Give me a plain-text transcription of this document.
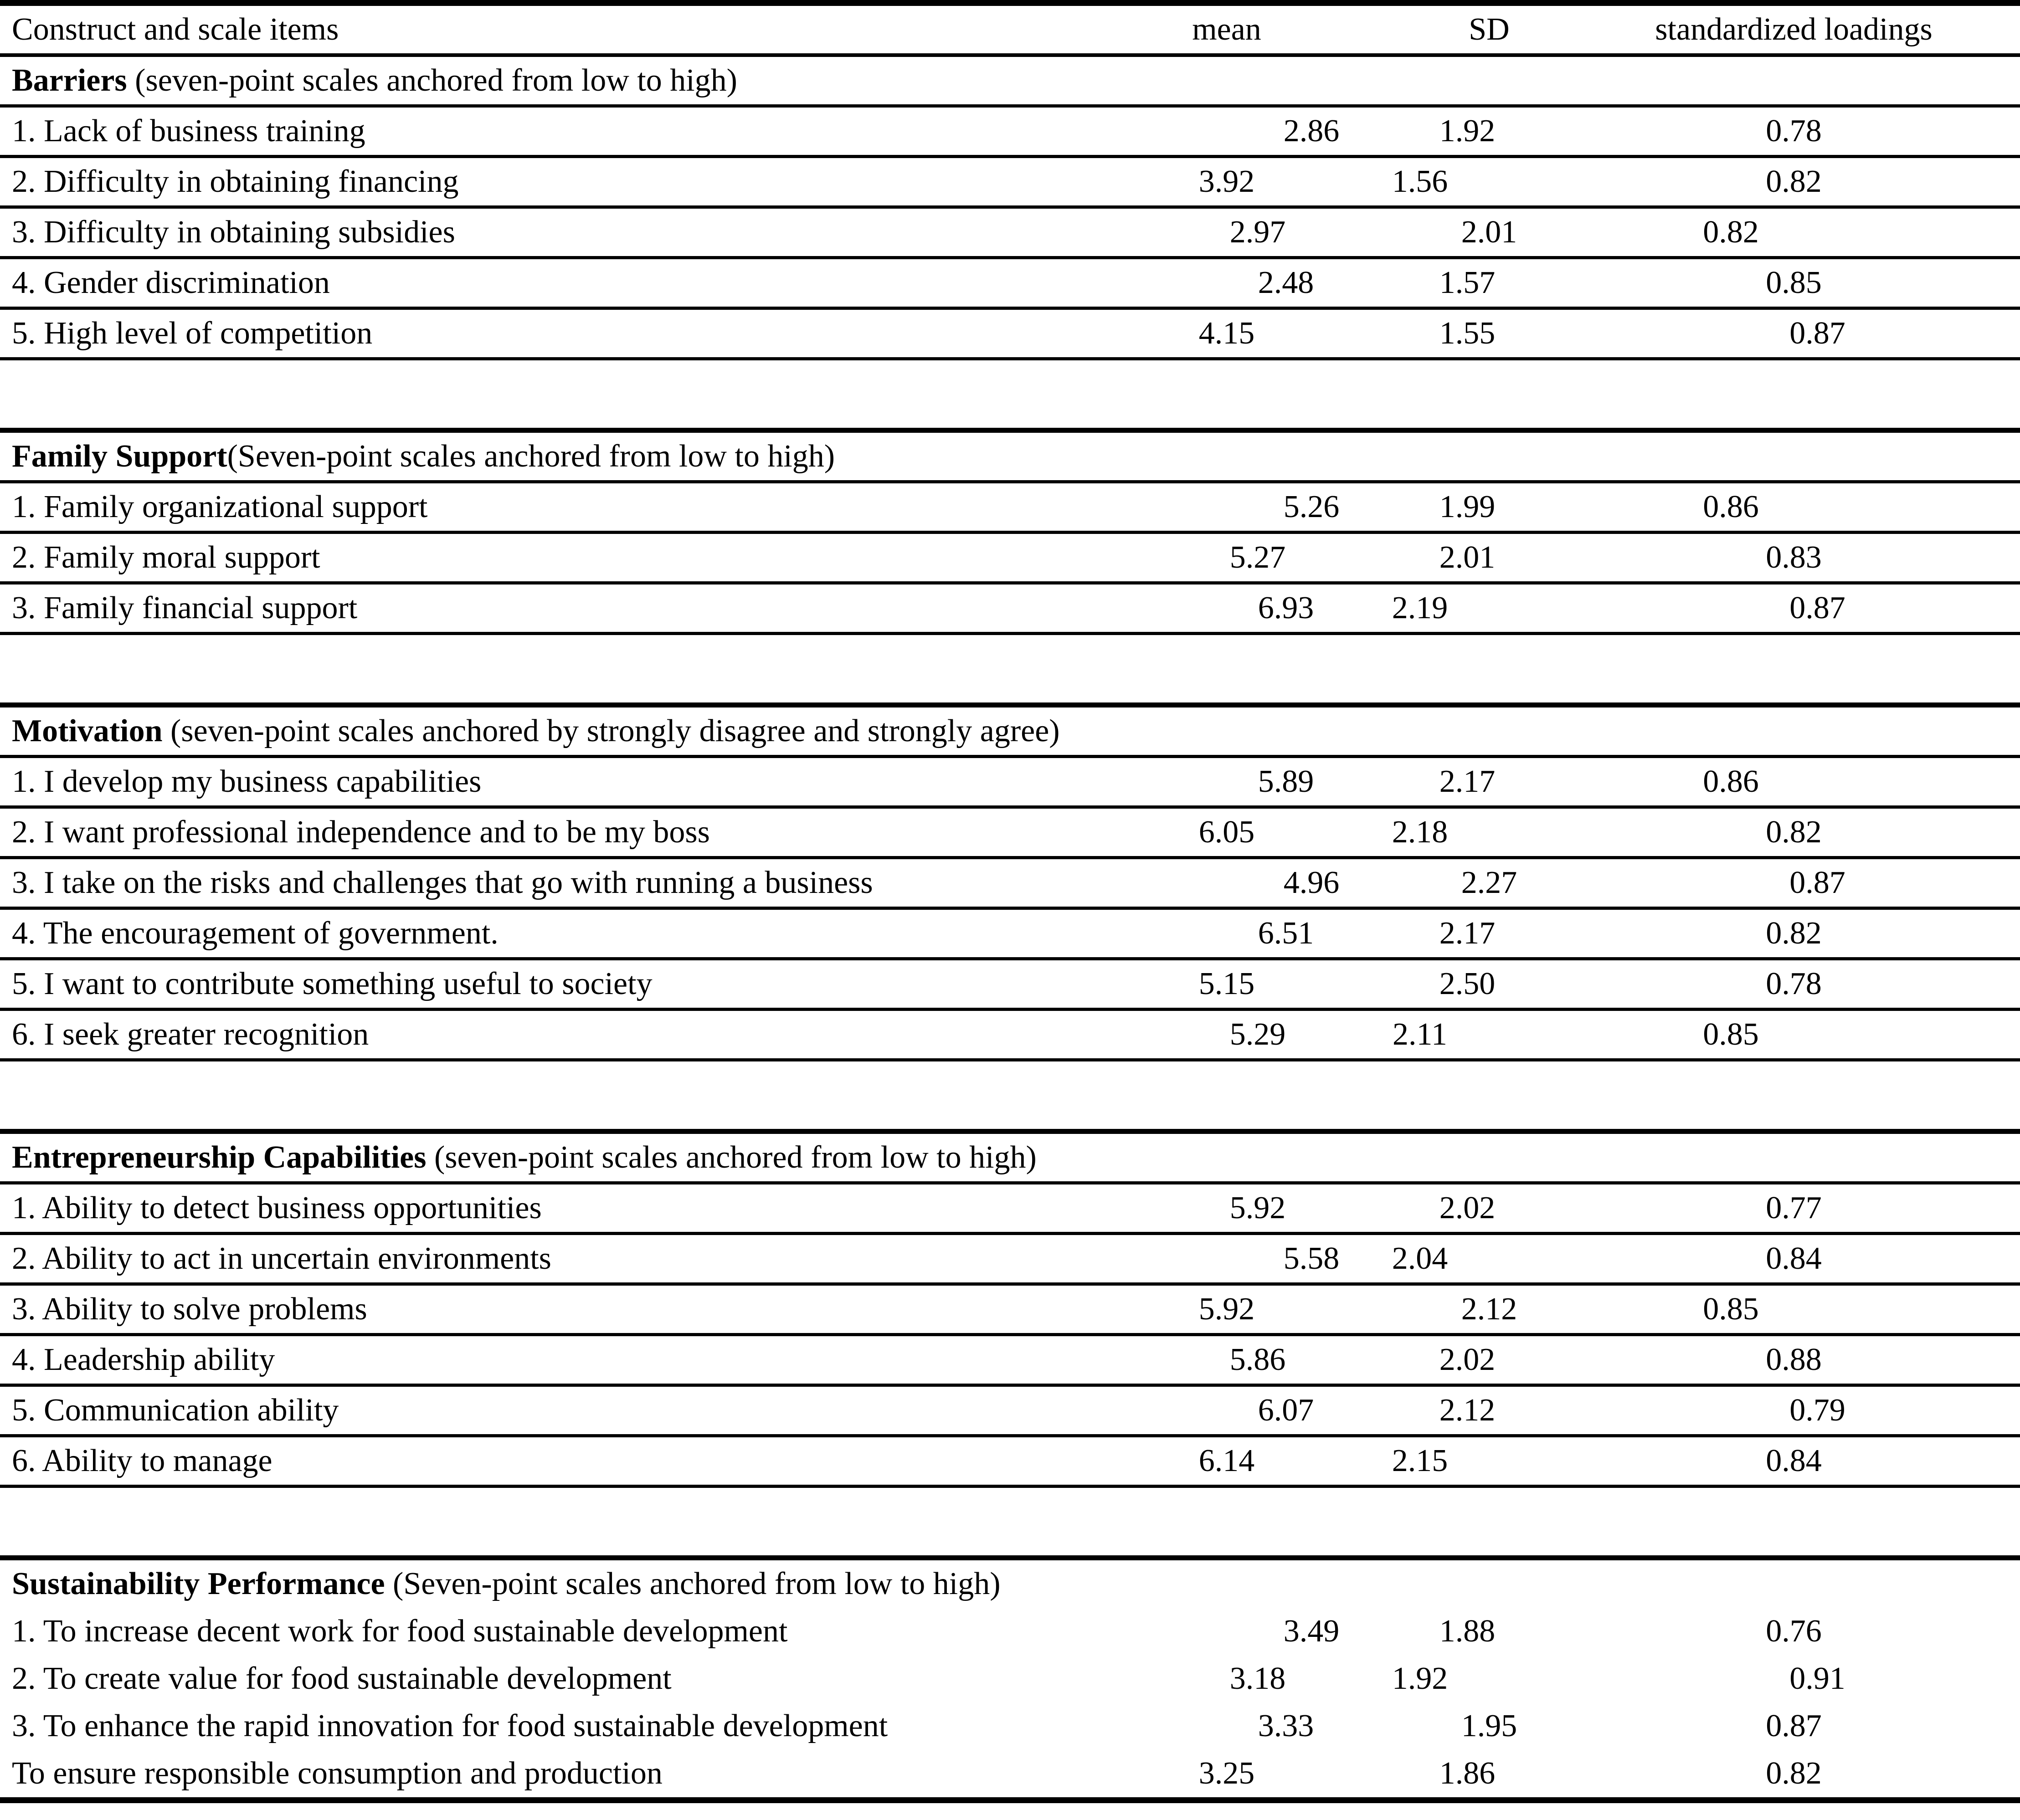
Construct and scale items	mean	SD	standardized loadings
Barriers (seven-point scales anchored from low to high)			
1. Lack of business training	2.86	1.92	0.78
2. Difficulty in obtaining financing	3.92	1.56	0.82
3. Difficulty in obtaining subsidies	2.97	2.01	0.82
4. Gender discrimination	2.48	1.57	0.85
5. High level of competition	4.15	1.55	0.87

Family Support(Seven-point scales anchored from low to high)			
1. Family organizational support	5.26	1.99	0.86
2. Family moral support	5.27	2.01	0.83
3. Family financial support	6.93	2.19	0.87

Motivation (seven-point scales anchored by strongly disagree and strongly agree)			
1. I develop my business capabilities	5.89	2.17	0.86
2. I want professional independence and to be my boss	6.05	2.18	0.82
3. I take on the risks and challenges that go with running a business	4.96	2.27	0.87
4. The encouragement of government.	6.51	2.17	0.82
5. I want to contribute something useful to society	5.15	2.50	0.78
6. I seek greater recognition	5.29	2.11	0.85

Entrepreneurship Capabilities (seven-point scales anchored from low to high)			
1. Ability to detect business opportunities	5.92	2.02	0.77
2. Ability to act in uncertain environments	5.58	2.04	0.84
3. Ability to solve problems	5.92	2.12	0.85
4. Leadership ability	5.86	2.02	0.88
5. Communication ability	6.07	2.12	0.79
6. Ability to manage	6.14	2.15	0.84

Sustainability Performance (Seven-point scales anchored from low to high)			
1. To increase decent work for food sustainable development	3.49	1.88	0.76
2. To create value for food sustainable development	3.18	1.92	0.91
3. To enhance the rapid innovation for food sustainable development	3.33	1.95	0.87
To ensure responsible consumption and production	3.25	1.86	0.82
